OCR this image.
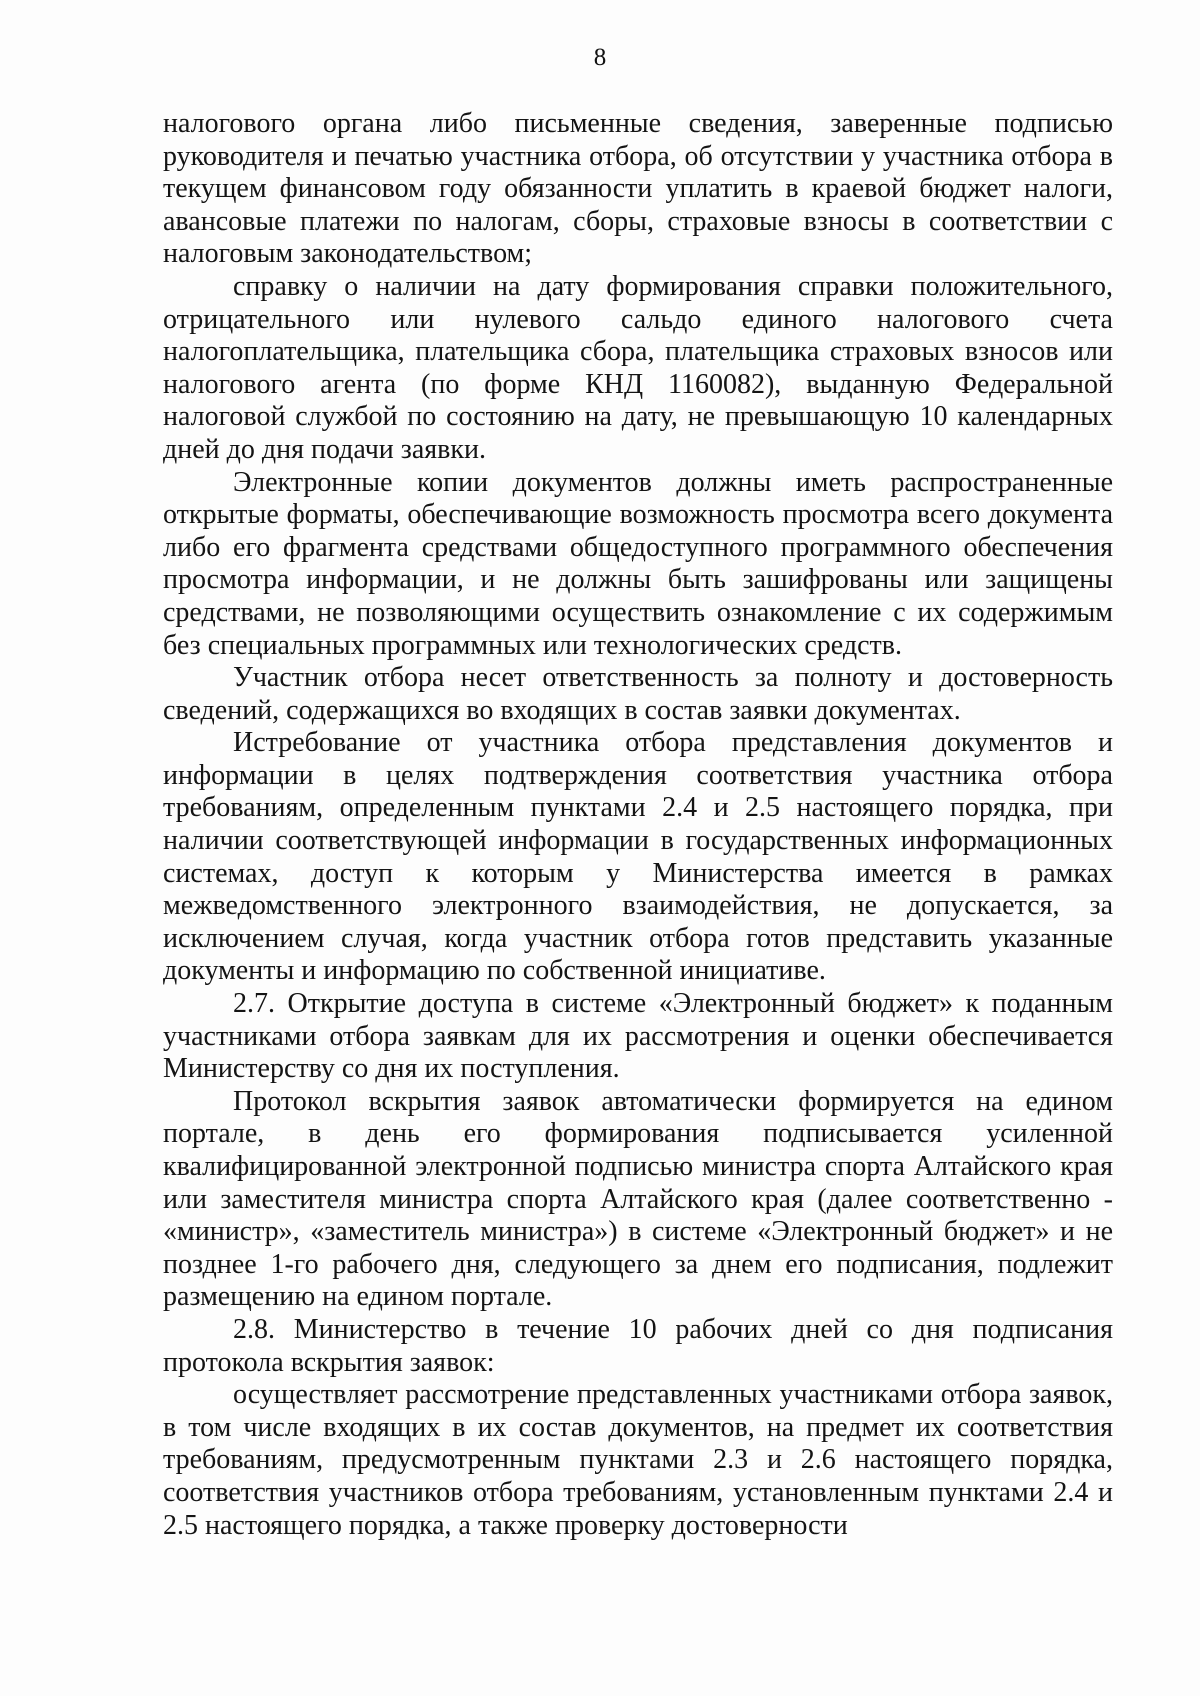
8

налогового органа либо письменные сведения, заверенные подписью руководителя и печатью участника отбора, об отсутствии у участника отбора в текущем финансовом году обязанности уплатить в краевой бюджет налоги, авансовые платежи по налогам, сборы, страховые взносы в соответствии с налоговым законодательством;

справку о наличии на дату формирования справки положительного, отрицательного или нулевого сальдо единого налогового счета налогоплательщика, плательщика сбора, плательщика страховых взносов или налогового агента (по форме КНД 1160082), выданную Федеральной налоговой службой по состоянию на дату, не превышающую 10 календарных дней до дня подачи заявки.

Электронные копии документов должны иметь распространенные открытые форматы, обеспечивающие возможность просмотра всего документа либо его фрагмента средствами общедоступного программного обеспечения просмотра информации, и не должны быть зашифрованы или защищены средствами, не позволяющими осуществить ознакомление с их содержимым без специальных программных или технологических средств.

Участник отбора несет ответственность за полноту и достоверность сведений, содержащихся во входящих в состав заявки документах.

Истребование от участника отбора представления документов и информации в целях подтверждения соответствия участника отбора требованиям, определенным пунктами 2.4 и 2.5 настоящего порядка, при наличии соответствующей информации в государственных информационных системах, доступ к которым у Министерства имеется в рамках межведомственного электронного взаимодействия, не допускается, за исключением случая, когда участник отбора готов представить указанные документы и информацию по собственной инициативе.

2.7. Открытие доступа в системе «Электронный бюджет» к поданным участниками отбора заявкам для их рассмотрения и оценки обеспечивается Министерству со дня их поступления.

Протокол вскрытия заявок автоматически формируется на едином портале, в день его формирования подписывается усиленной квалифицированной электронной подписью министра спорта Алтайского края или заместителя министра спорта Алтайского края (далее соответственно - «министр», «заместитель министра») в системе «Электронный бюджет» и не позднее 1-го рабочего дня, следующего за днем его подписания, подлежит размещению на едином портале.

2.8. Министерство в течение 10 рабочих дней со дня подписания протокола вскрытия заявок:

осуществляет рассмотрение представленных участниками отбора заявок, в том числе входящих в их состав документов, на предмет их соответствия требованиям, предусмотренным пунктами 2.3 и 2.6 настоящего порядка, соответствия участников отбора требованиям, установленным пунктами 2.4 и 2.5 настоящего порядка, а также проверку достоверности
